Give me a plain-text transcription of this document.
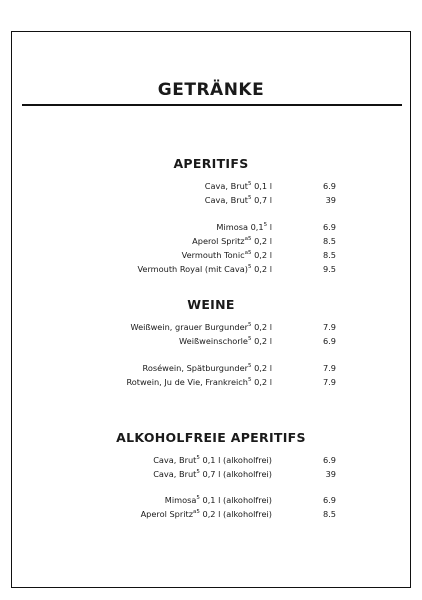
GETRÄNKE
APERITIFS
Cava, Brut$^5$ 0,1 l	6.9
Cava, Brut$^5$ 0,7 l	39
Mimosa $0,1^5$ l	6.9
Aperol Spritz$^{a5}$ 0,2 l	8.5
Vermouth Tonic$^{a5}$ 0,2 l	8.5
Vermouth Royal (mit Cava)$^5$ 0,2 l	9.5
WEINE
Weißwein, grauer Burgunder$^5$ 0,2 l	7.9
Weißweinschorle$^5$ 0,2 l	6.9
Roséwein, Spätburgunder$^5$ 0,2 l	7.9
Rotwein, Ju de Vie, Frankreich$^5$ 0,2 l	7.9
ALKOHOLFREIE APERITIFS
Cava, Brut$^5$ 0,1 l (alkoholfrei)	6.9
Cava, Brut$^5$ 0,7 l (alkoholfrei)	39
Mimosa$^5$ 0,1 l (alkoholfrei)	6.9
Aperol Spritz$^{a5}$ 0,2 l (alkoholfrei)	8.5
